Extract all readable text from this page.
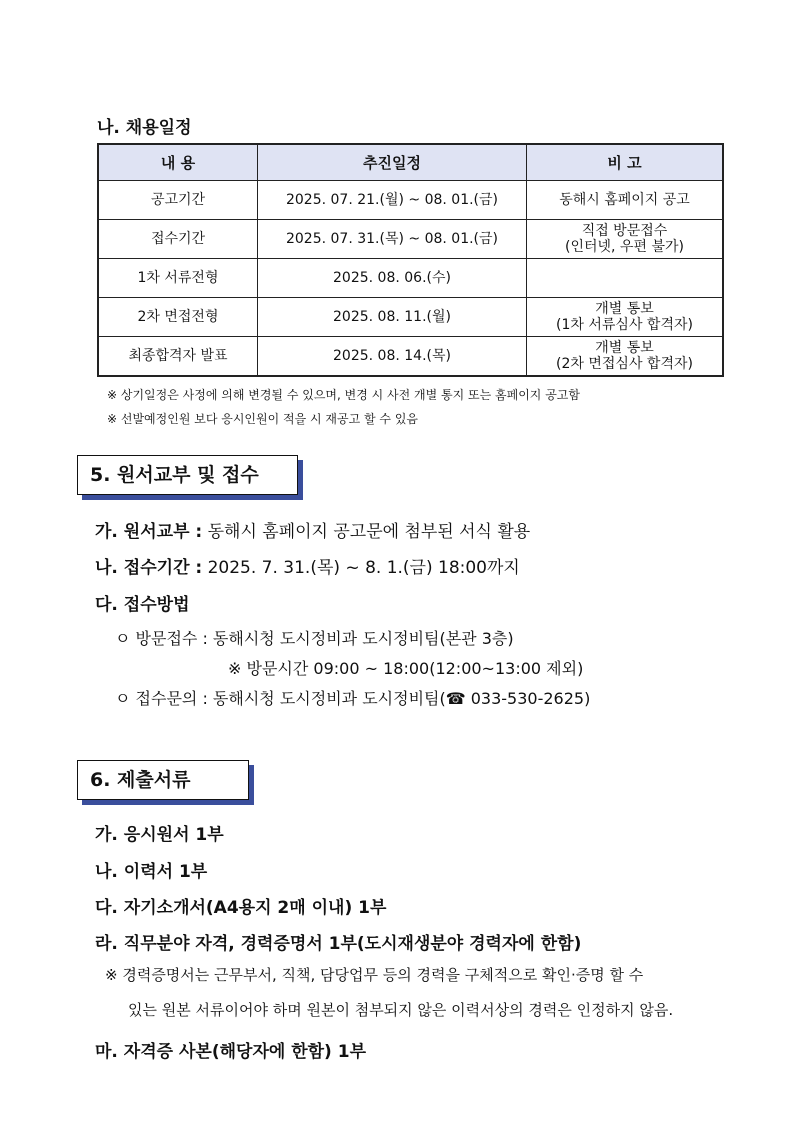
나. 채용일정
내 용	추진일정	비 고
공고기간	2025. 07. 21.(월) ~ 08. 01.(금)	동해시 홈페이지 공고

접수기간	2025. 07. 31.(목) ~ 08. 01.(금)	직접 방문접수
(인터넷, 우편 불가)

1차 서류전형	2025. 08. 06.(수)	
2차 면접전형	2025. 08. 11.(월)	개별 통보
(1차 서류심사 합격자)

최종합격자 발표	2025. 08. 14.(목)	개별 통보
(2차 면접심사 합격자)
※ 상기일정은 사정에 의해 변경될 수 있으며, 변경 시 사전 개별 통지 또는 홈페이지 공고함
※ 선발예정인원 보다 응시인원이 적을 시 재공고 할 수 있음
5. 원서교부 및 접수
가. 원서교부 : 동해시 홈페이지 공고문에 첨부된 서식 활용
나. 접수기간 : 2025. 7. 31.(목) ~ 8. 1.(금) 18:00까지
다. 접수방법
ㅇ 방문접수 : 동해시청 도시정비과 도시정비팀(본관 3층)
※ 방문시간 09:00 ~ 18:00(12:00~13:00 제외)
ㅇ 접수문의 : 동해시청 도시정비과 도시정비팀(☎ 033-530-2625)
6. 제출서류
가. 응시원서 1부
나. 이력서 1부
다. 자기소개서(A4용지 2매 이내) 1부
라. 직무분야 자격, 경력증명서 1부(도시재생분야 경력자에 한함)
※ 경력증명서는 근무부서, 직책, 담당업무 등의 경력을 구체적으로 확인·증명 할 수
있는 원본 서류이어야 하며 원본이 첨부되지 않은 이력서상의 경력은 인정하지 않음.
마. 자격증 사본(해당자에 한함) 1부
